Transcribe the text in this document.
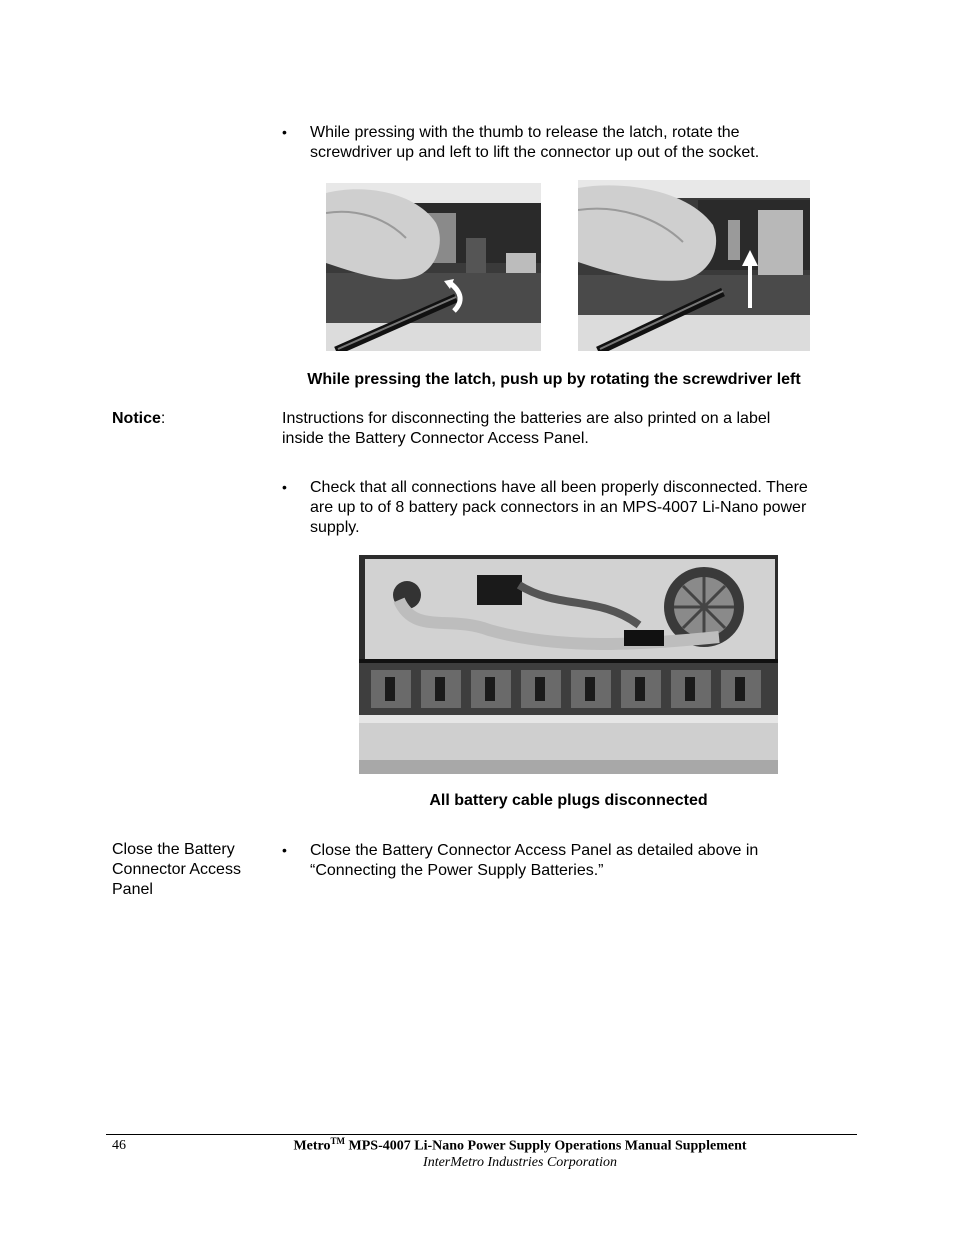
• While pressing with the thumb to release the latch, rotate the screwdriver up and left to lift the connector up out of the socket.
While pressing the latch, push up by rotating the screwdriver left
Notice:	Instructions for disconnecting the batteries are also printed on a label inside the Battery Connector Access Panel.
• Check that all connections have all been properly disconnected. There are up to of 8 battery pack connectors in an MPS-4007 Li-Nano power supply.
All battery cable plugs disconnected
Close the Battery Connector Access Panel
• Close the Battery Connector Access Panel as detailed above in “Connecting the Power Supply Batteries.”
46	Metro™ MPS-4007 Li-Nano Power Supply Operations Manual Supplement
InterMetro Industries Corporation
